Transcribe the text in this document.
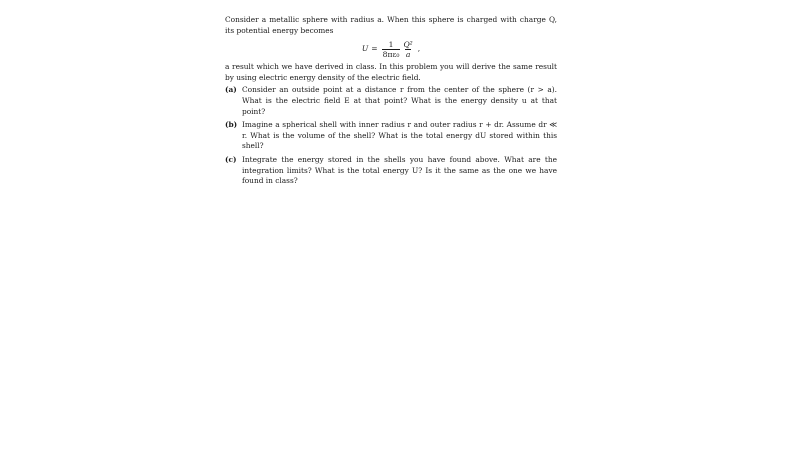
Consider a metallic sphere with radius a. When this sphere is charged with charge Q, its potential energy becomes

$U = \frac{1}{\text{8πε₀}} \frac{\text{Q²}}{a}$ ,

a result which we have derived in class. In this problem you will derive the same result by using electric energy density of the electric field.

(a) Consider an outside point at a distance r from the center of the sphere (r > a). What is the electric field E at that point? What is the energy density u at that point?
(b) Imagine a spherical shell with inner radius r and outer radius r + dr. Assume dr ≪ r. What is the volume of the shell? What is the total energy dU stored within this shell?
(c) Integrate the energy stored in the shells you have found above. What are the integration limits? What is the total energy U? Is it the same as the one we have found in class?
